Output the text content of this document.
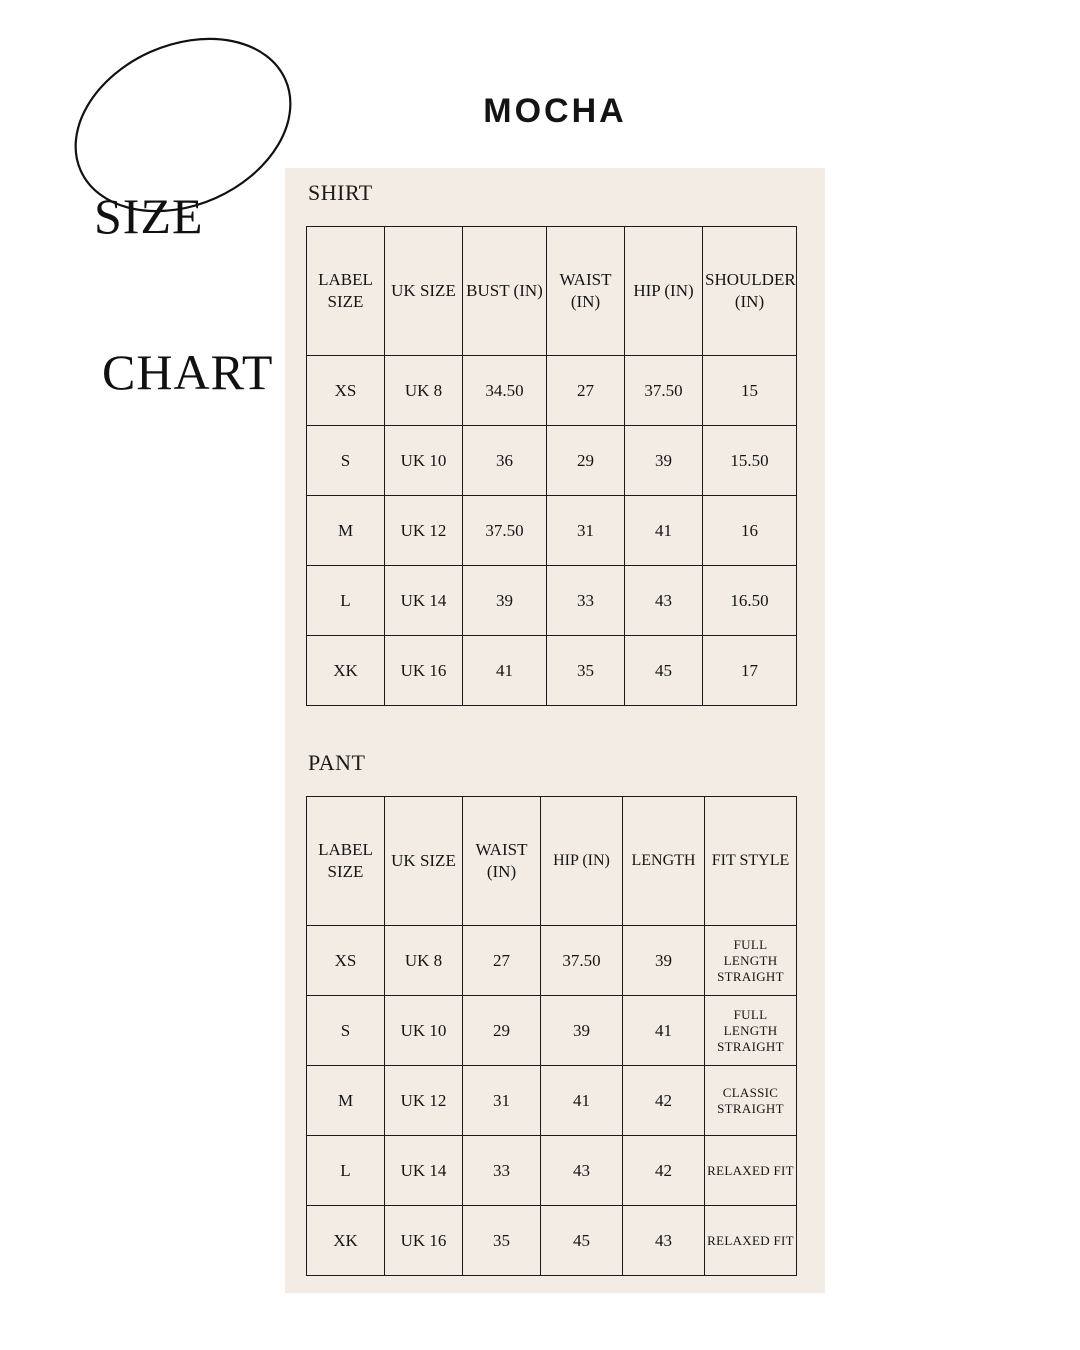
SIZE

CHART

MOCHA
SHIRT
LABEL SIZE	UK SIZE	BUST (IN)	WAIST (IN)	HIP (IN)	SHOULDER (IN)
XS	UK 8	34.50	27	37.50	15
S	UK 10	36	29	39	15.50
M	UK 12	37.50	31	41	16
L	UK 14	39	33	43	16.50
XK	UK 16	41	35	45	17
PANT
LABEL SIZE	UK SIZE	WAIST (IN)	HIP (IN)	LENGTH	FIT STYLE
XS	UK 8	27	37.50	39	FULL LENGTH STRAIGHT
S	UK 10	29	39	41	FULL LENGTH STRAIGHT
M	UK 12	31	41	42	CLASSIC STRAIGHT
L	UK 14	33	43	42	RELAXED FIT
XK	UK 16	35	45	43	RELAXED FIT
